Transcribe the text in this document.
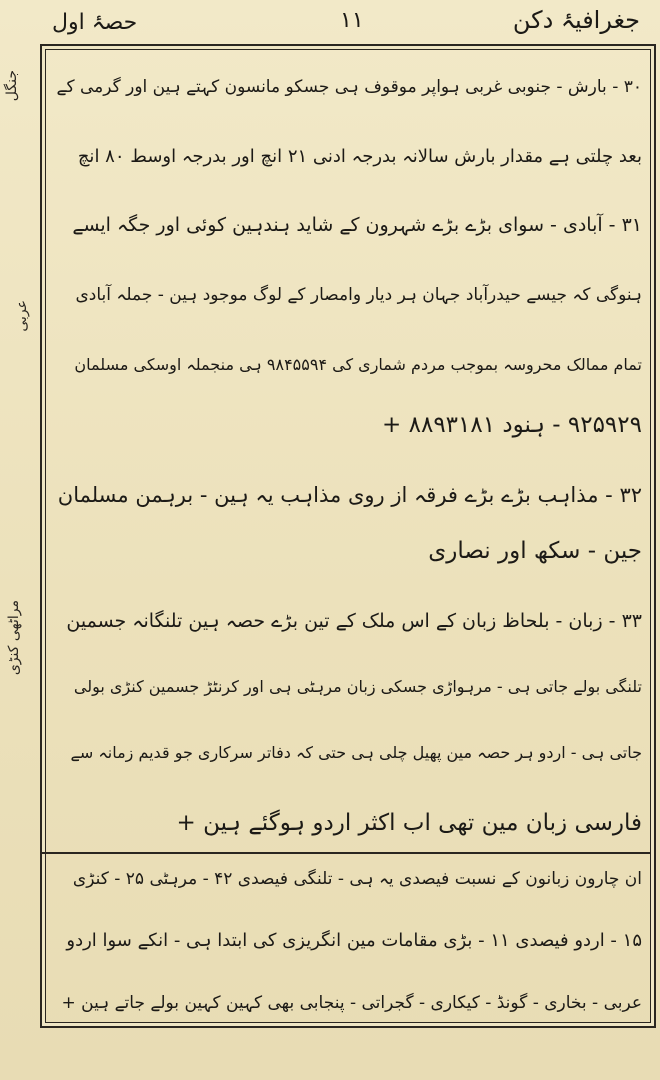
حصۂ اول	۱۱	جغرافیۂ دکن
جنگل
عربی
مراٹھی کنڑی
۳۰ - بارش - جنوبی غربی ہواپر موقوف ہی جسکو مانسون کہتے ہین اور گرمی کے
بعد چلتی ہے مقدار بارش سالانہ بدرجہ ادنی ۲۱ انچ اور بدرجہ اوسط ۸۰ انچ
۳۱ - آبادی - سوای بڑے بڑے شہرون کے شاید ہندہین کوئی اور جگہ ایسے
ہنوگی کہ جیسے حیدرآباد جہان ہر دیار وامصار کے لوگ موجود ہین - جملہ آبادی
تمام ممالک محروسہ بموجب مردم شماری کی ۹۸۴۵۵۹۴ ہی منجملہ اوسکی مسلمان
۹۲۵۹۲۹ - ہنود ۸۸۹۳۱۸۱ +
۳۲ - مذاہب بڑے بڑے فرقہ از روی مذاہب یہ ہین - برہمن مسلمان
جین - سکھ اور نصاری
۳۳ - زبان - بلحاظ زبان کے اس ملک کے تین بڑے حصہ ہین تلنگانہ جسمین
تلنگی بولے جاتی ہی - مرہواڑی جسکی زبان مرہٹی ہی اور کرنٹڑ جسمین کنڑی بولی
جاتی ہی - اردو ہر حصہ مین پھیل چلی ہی حتی کہ دفاتر سرکاری جو قدیم زمانہ سے
فارسی زبان مین تھی اب اکثر اردو ہوگئے ہین +
ان چارون زبانون کے نسبت فیصدی یہ ہی - تلنگی فیصدی ۴۲ - مرہٹی ۲۵ - کنڑی
۱۵ - اردو فیصدی ۱۱ - بڑی مقامات مین انگریزی کی ابتدا ہی - انکے سوا اردو
عربی - بخاری - گونڈ - کیکاری - گجراتی - پنجابی بھی کہین کہین بولے جاتے ہین +
